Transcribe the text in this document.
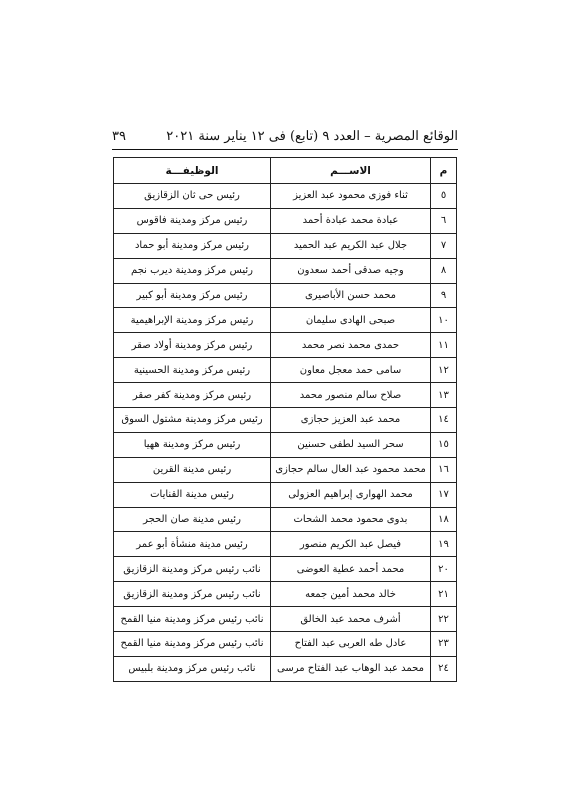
٣٩	الوقائع المصرية – العدد ٩ (تابع) فى ١٢ يناير سنة ٢٠٢١
م	الاســـم	الوظيفـــة
٥	ثناء فوزى محمود عبد العزيز	رئيس حى ثان الزقازيق
٦	عبادة محمد عبادة أحمد	رئيس مركز ومدينة فاقوس
٧	جلال عبد الكريم عبد الحميد	رئيس مركز ومدينة أبو حماد
٨	وجيه صدقى أحمد سعدون	رئيس مركز ومدينة ديرب نجم
٩	محمد حسن الأباصيرى	رئيس مركز ومدينة أبو كبير
١٠	صبحى الهادى سليمان	رئيس مركز ومدينة الإبراهيمية
١١	حمدى محمد نصر محمد	رئيس مركز ومدينة أولاد صقر
١٢	سامى حمد معجل معاون	رئيس مركز ومدينة الحسينية
١٣	صلاح سالم منصور محمد	رئيس مركز ومدينة كفر صقر
١٤	محمد عبد العزيز حجازى	رئيس مركز ومدينة مشتول السوق
١٥	سحر السيد لطفى حسنين	رئيس مركز ومدينة ههيا
١٦	محمد محمود عبد العال سالم حجازى	رئيس مدينة القرين
١٧	محمد الهوارى إبراهيم العزولى	رئيس مدينة القنايات
١٨	بدوى محمود محمد الشحات	رئيس مدينة صان الحجر
١٩	فيصل عبد الكريم منصور	رئيس مدينة منشأة أبو عمر
٢٠	محمد أحمد عطية العوضى	نائب رئيس مركز ومدينة الزقازيق
٢١	خالد محمد أمين جمعه	نائب رئيس مركز ومدينة الزقازيق
٢٢	أشرف محمد عبد الخالق	نائب رئيس مركز ومدينة منيا القمح
٢٣	عادل طه العربى عبد الفتاح	نائب رئيس مركز ومدينة منيا القمح
٢٤	محمد عبد الوهاب عبد الفتاح مرسى	نائب رئيس مركز ومدينة بلبيس
